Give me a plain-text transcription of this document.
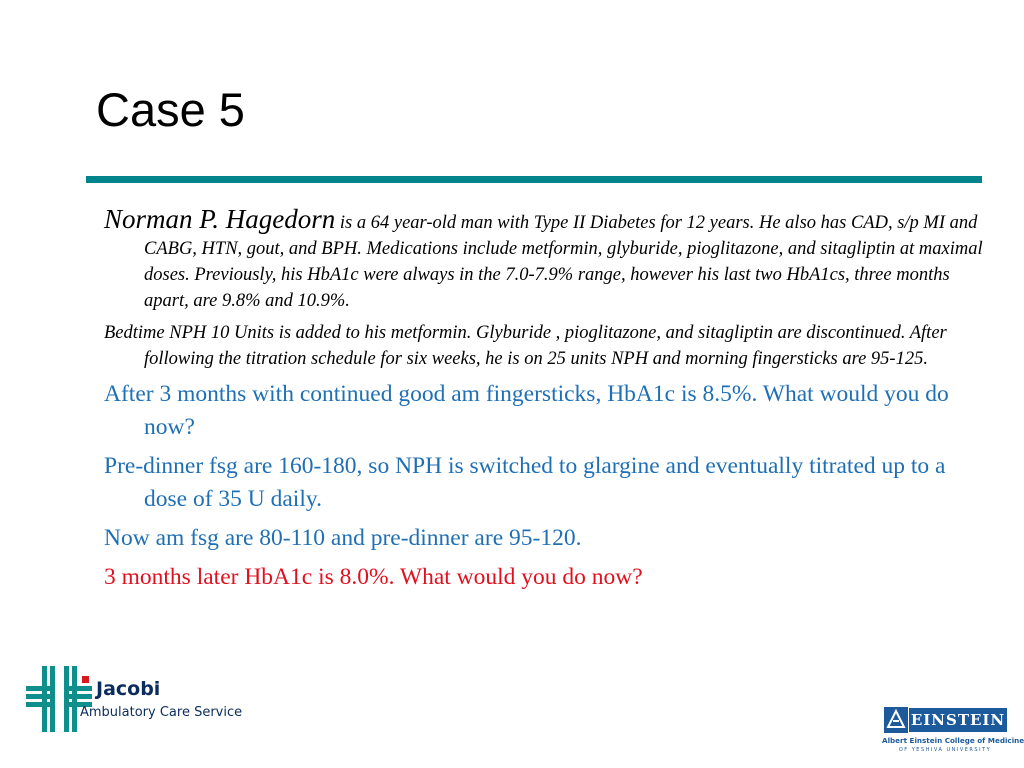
Case 5

Norman P. Hagedorn is a 64 year-old man with Type II Diabetes for 12 years. He also has CAD, s/p MI and CABG, HTN, gout, and BPH. Medications include metformin, glyburide, pioglitazone, and sitagliptin at maximal doses. Previously, his HbA1c were always in the 7.0-7.9% range, however his last two HbA1cs, three months apart, are 9.8% and 10.9%.

Bedtime NPH 10 Units is added to his metformin. Glyburide , pioglitazone, and sitagliptin are discontinued. After following the titration schedule for six weeks, he is on 25 units NPH and morning fingersticks are 95-125.

After 3 months with continued good am fingersticks, HbA1c is 8.5%. What would you do now?

Pre-dinner fsg are 160-180, so NPH is switched to glargine and eventually titrated up to a dose of 35 U daily.

Now am fsg are 80-110 and pre-dinner are 95-120.

3 months later HbA1c is 8.0%. What would you do now?

Jacobi
Ambulatory Care Service	EINSTEIN
Albert Einstein College of Medicine
OF YESHIVA UNIVERSITY
